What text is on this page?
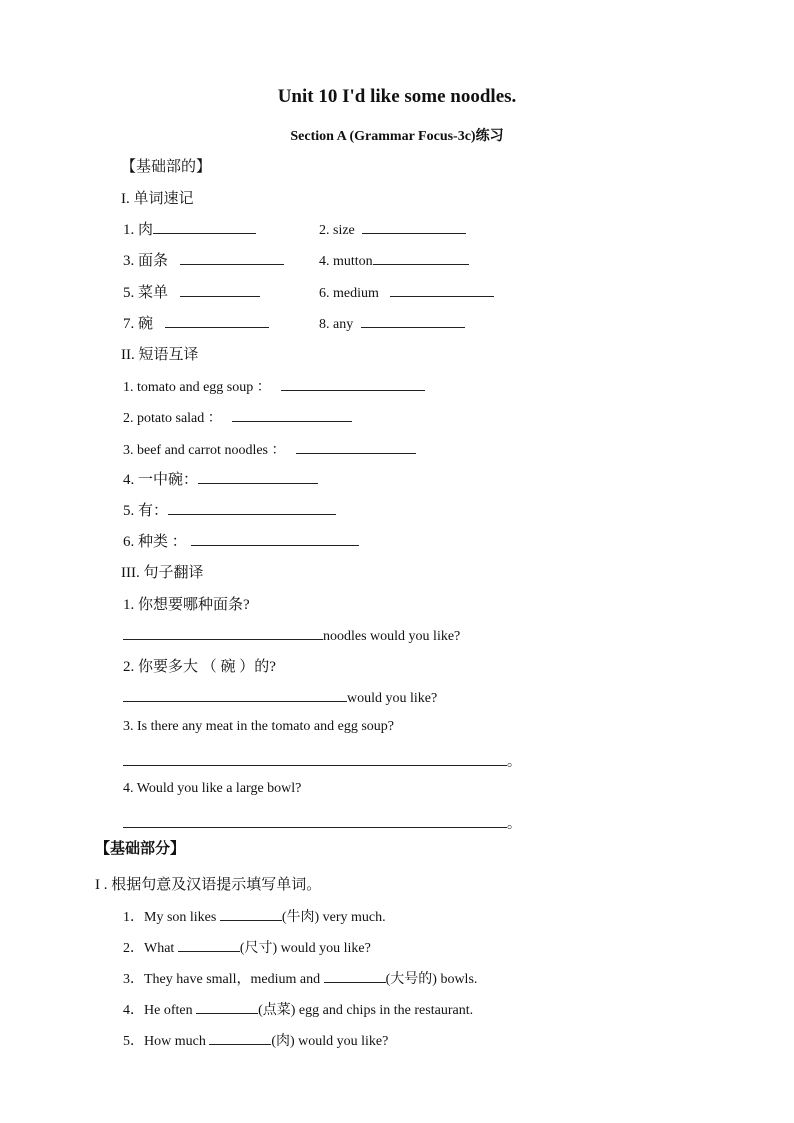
Unit 10 I'd like some noodles.
Section A (Grammar Focus-3c)练习
【基础部的】
I. 单词速记
1. 肉	2. size
3. 面条	4. mutton
5. 菜单	6. medium
7. 碗	8. any
II. 短语互译
1. tomato and egg soup ：
2. potato salad ：
3. beef and carrot noodles ：
4. 一中碗：
5. 有：
6. 种类 ：
III. 句子翻译
1. 你想要哪种面条?
noodles would you like?
2. 你要多大 （ 碗 ）的?
would you like?
3. Is there any meat in the tomato and egg soup?
。
4. Would you like a large bowl?
。
【基础部分】
I . 根据句意及汉语提示填写单词。
1．My son likes	(牛肉) very much.
2．What	(尺寸) would you like?
3．They have small，medium and	(大号的) bowls.
4．He often	(点菜) egg and chips in the restaurant.
5．How much	(肉) would you like?
